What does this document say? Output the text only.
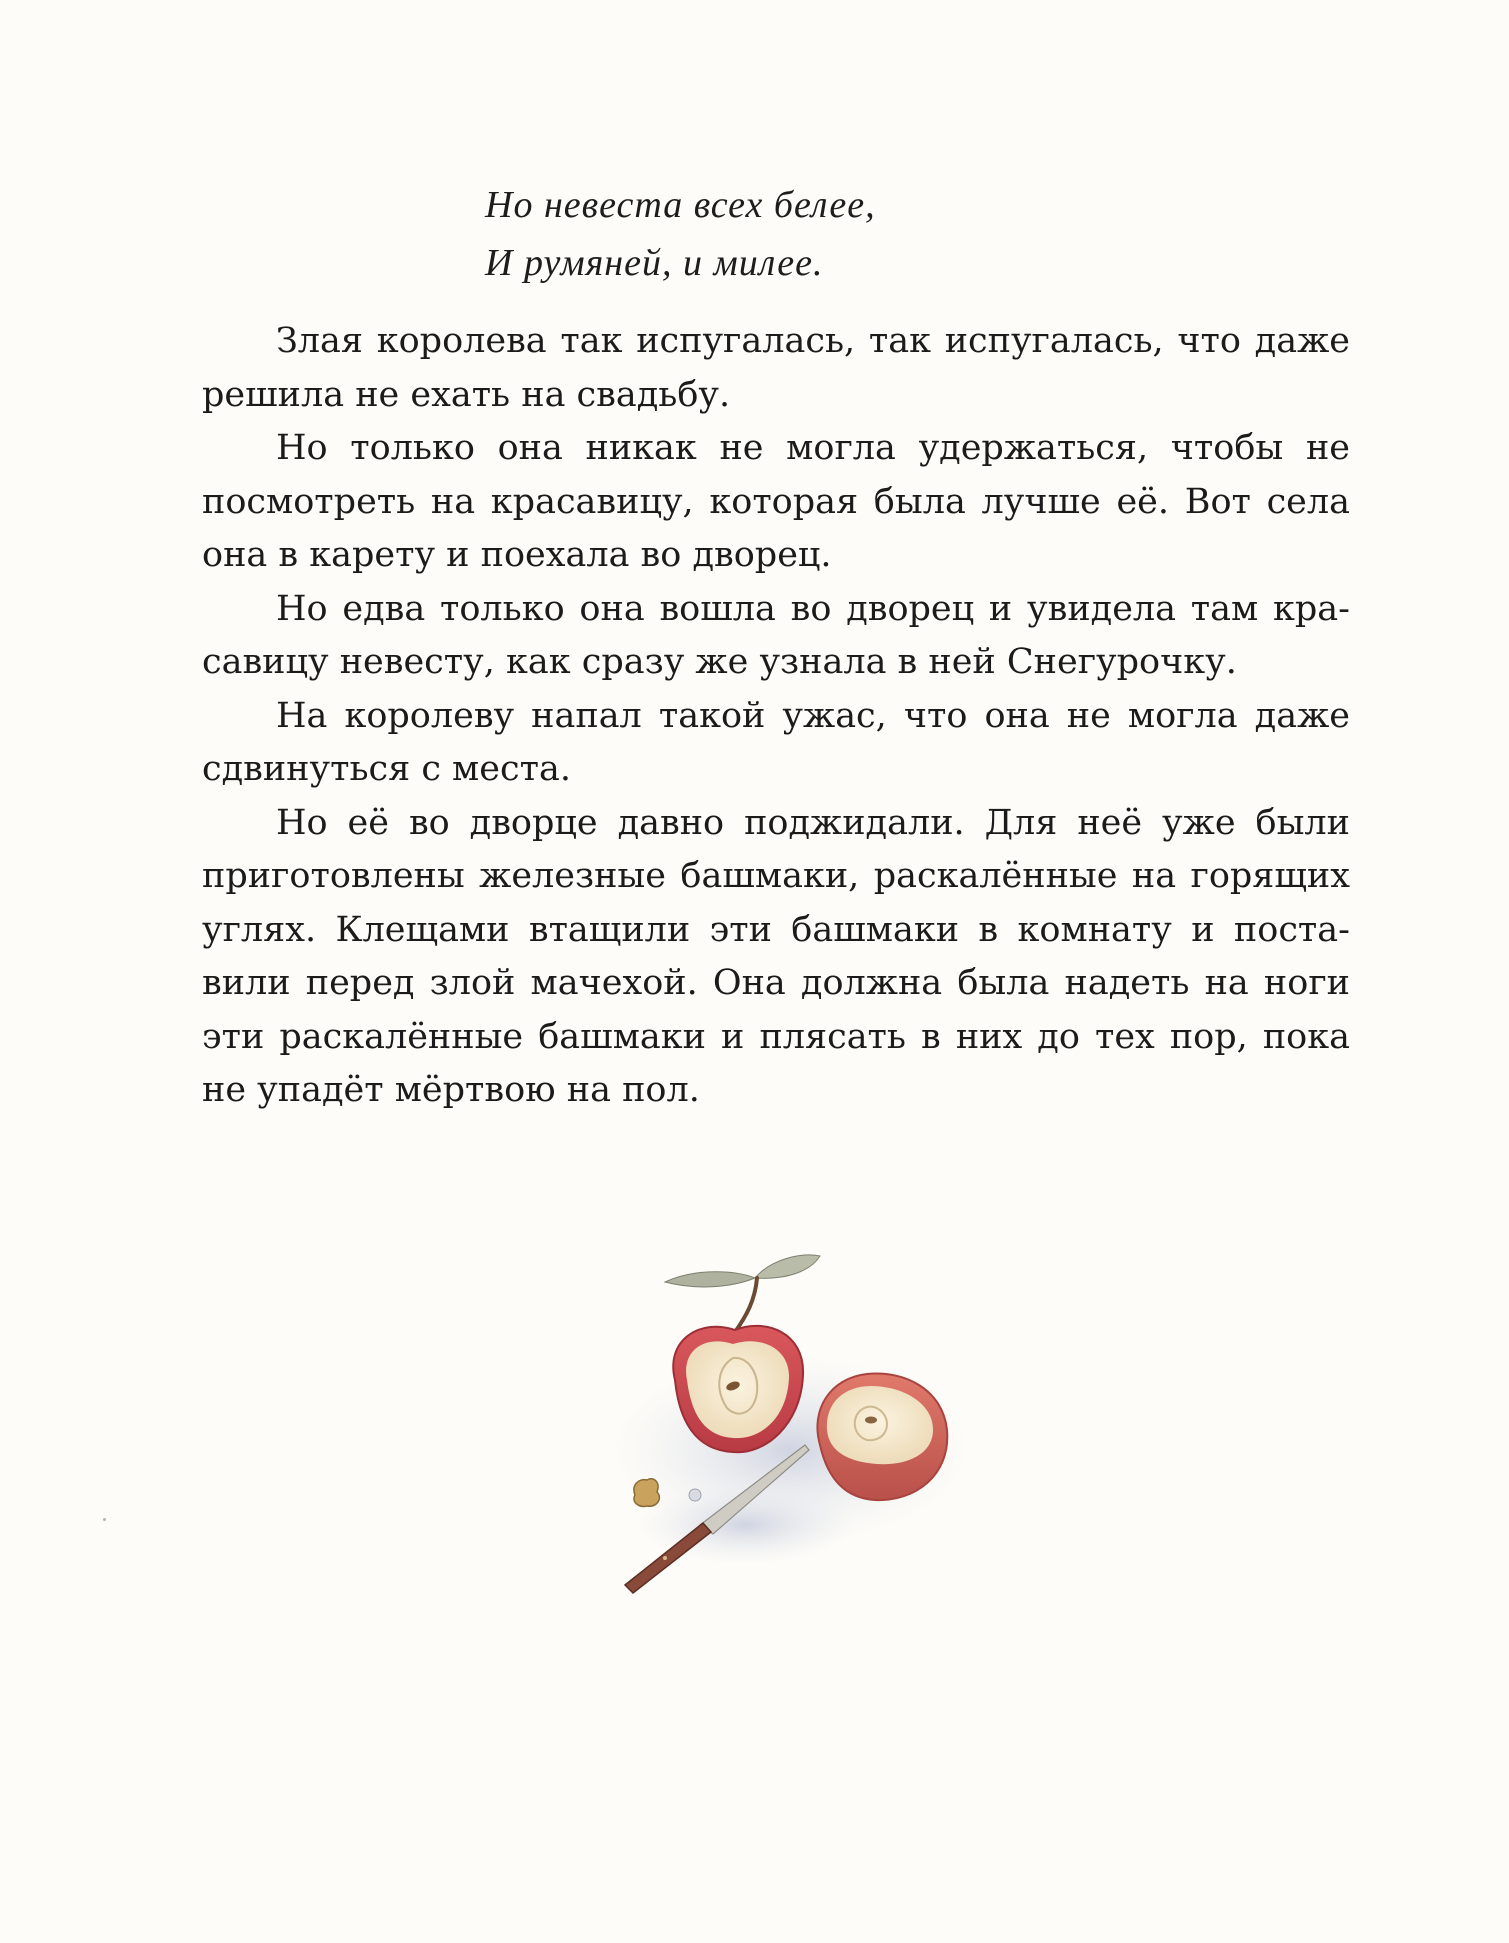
Но невеста всех белее,
И румяней, и милее.

Злая королева так испугалась, так испугалась, что даже решила не ехать на свадьбу.

Но только она никак не могла удержаться, чтобы не посмотреть на красавицу, которая была лучше её. Вот села она в карету и поехала во дворец.

Но едва только она вошла во дворец и увидела там красавицу невесту, как сразу же узнала в ней Снегурочку.

На королеву напал такой ужас, что она не могла даже сдвинуться с места.

Но её во дворце давно поджидали. Для неё уже были приготовлены железные башмаки, раскалённые на горящих углях. Клещами втащили эти башмаки в комнату и поставили перед злой мачехой. Она должна была надеть на ноги эти раскалённые башмаки и плясать в них до тех пор, пока не упадёт мёртвою на пол.
